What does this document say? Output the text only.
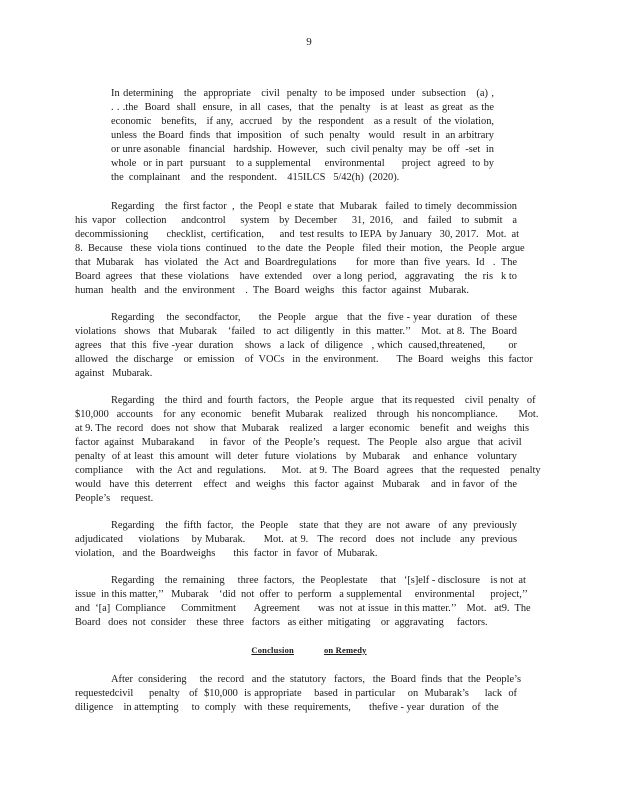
9
In determining   the  appropriate   civil  penalty  to be imposed  under  subsection   (a) ,
. . .the  Board  shall  ensure,  in all  cases,  that  the  penalty   is at  least  as great  as the
economic   benefits,   if any,  accrued   by  the  respondent   as a result  of  the violation,
unless  the Board  finds  that  imposition   of  such  penalty   would   result  in  an arbitrary
or unre asonable   financial   hardship.  However,   such  civil penalty  may  be  off  -set  in
whole  or in part  pursuant   to a supplemental    environmental     project  agreed  to by
the  complainant    and  the  respondent.    415ILCS   5/42(h)  (2020).
Regarding    the  first factor  ,  the  Peopl  e state  that  Mubarak   failed  to timely  decommission
his vapor  collection   andcontrol   system  by December   31, 2016,  and  failed  to submit  a
decommissioning       checklist,  certification,      and  test results  to IEPA  by January   30, 2017.   Mot.  at
8.  Because   these  viola tions  continued    to the  date  the  People   filed  their  motion,   the  People  argue
that  Mubarak    has  violated   the  Act  and  Boardregulations       for  more  than  five  years.  Id   .  The
Board  agrees   that  these  violations    have  extended    over  a long  period,   aggravating    the  ris   k to
human   health   and  the  environment    .  The  Board  weighs   this  factor  against   Mubarak.
Regarding    the  secondfactor,      the  People   argue   that  the  five - year  duration   of  these
violations   shows   that  Mubarak    ‘failed   to  act  diligently   in  this  matter.’’    Mot.  at 8.  The  Board
agrees   that  this  five -year  duration    shows   a lack  of  diligence   , which  caused,threatened,        or
allowed   the  discharge    or  emission    of  VOCs   in  the  environment.       The  Board   weighs   this  factor
against   Mubarak.
Regarding    the  third  and  fourth  factors,   the  People   argue   that  its requested    civil  penalty   of
$10,000   accounts    for  any  economic    benefit  Mubarak    realized    through   his noncompliance.        Mot.
at 9. The  record   does  not  show  that  Mubarak    realized    a larger  economic    benefit   and  weighs   this
factor  against   Mubarakand      in  favor   of  the  People’s   request.   The  People   also  argue   that  acivil
penalty  of at least  this amount  will  deter  future  violations   by  Mubarak    and  enhance   voluntary
compliance     with  the  Act  and  regulations.      Mot.   at 9.  The  Board   agrees   that  the  requested    penalty
would   have  this  deterrent    effect   and  weighs   this  factor  against   Mubarak    and  in favor  of  the
People’s    request.
Regarding    the  fifth  factor,   the  People    state  that  they  are  not  aware   of  any  previously
adjudicated     violations    by Mubarak.      Mot.  at 9.   The  record   does  not  include   any  previous
violation,   and  the  Boardweighs       this  factor  in  favor  of  Mubarak.
Regarding    the  remaining     three  factors,   the  Peoplestate     that   ‘[s]elf - disclosure    is not  at
issue  in this matter,’’   Mubarak    ‘did  not  offer  to  perform   a supplemental     environmental      project,’’
and  ‘[a]  Compliance      Commitment       Agreement       was  not  at issue  in this matter.’’    Mot.   at9.  The
Board   does  not  consider    these  three   factors   as either  mitigating    or  aggravating     factors.
Conclusion	on Remedy
After  considering     the  record   and  the  statutory   factors,   the  Board  finds  that  the  People’s
requestedcivil     penalty   of  $10,000  is appropriate    based  in particular    on  Mubarak’s     lack  of
diligence    in attempting     to  comply   with  these  requirements,       thefive - year  duration   of  the
